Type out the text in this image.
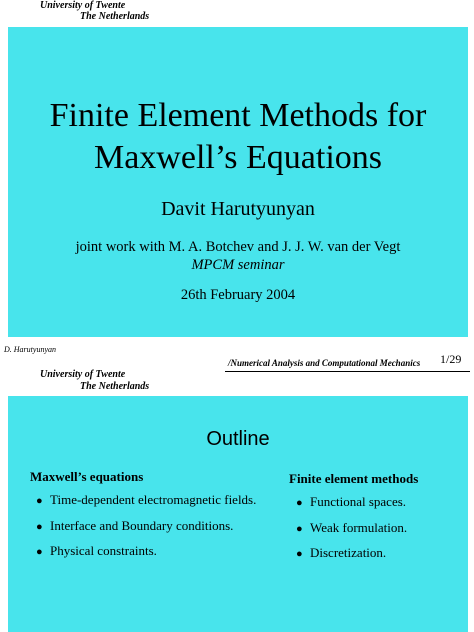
University of Twente
The Netherlands
Finite Element Methods for
Maxwell’s Equations
Davit Harutyunyan
joint work with M. A. Botchev and J. J. W. van der Vegt
MPCM seminar
26th February 2004
D. Harutyunyan
/Numerical Analysis and Computational Mechanics 1/29
University of Twente
The Netherlands
Outline
Maxwell’s equations
● Time-dependent electromagnetic fields.
● Interface and Boundary conditions.
● Physical constraints.
Finite element methods
● Functional spaces.
● Weak formulation.
● Discretization.
